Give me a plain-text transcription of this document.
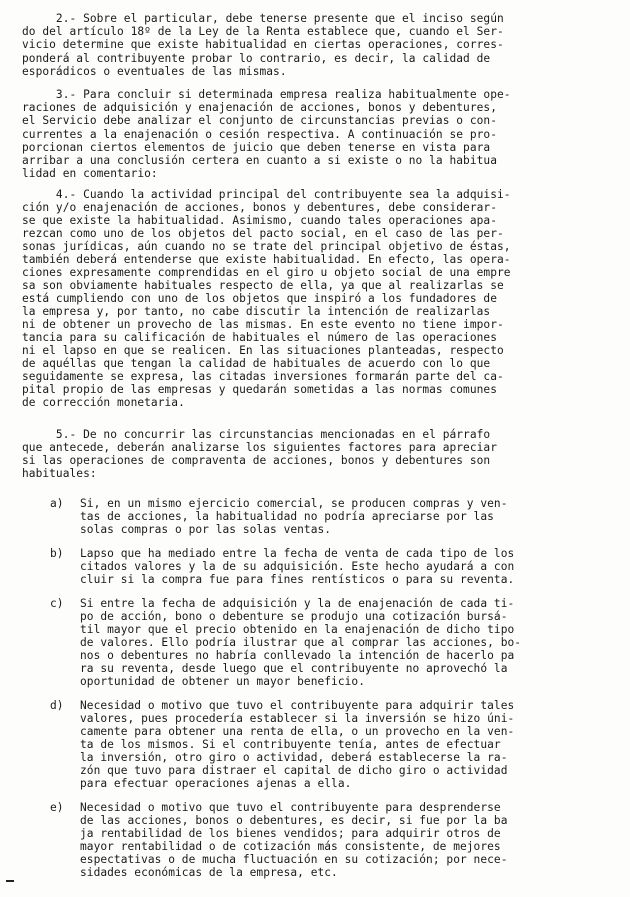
2.- Sobre el particular, debe tenerse presente que el inciso según
do del artículo 18º de la Ley de la Renta establece que, cuando el Ser-
vicio determine que existe habitualidad en ciertas operaciones, corres-
ponderá al contribuyente probar lo contrario, es decir, la calidad de
esporádicos o eventuales de las mismas.
3.- Para concluir si determinada empresa realiza habitualmente ope-
raciones de adquisición y enajenación de acciones, bonos y debentures,
el Servicio debe analizar el conjunto de circunstancias previas o con-
currentes a la enajenación o cesión respectiva. A continuación se pro-
porcionan ciertos elementos de juicio que deben tenerse en vista para
arribar a una conclusión certera en cuanto a si existe o no la habitua
lidad en comentario:
4.- Cuando la actividad principal del contribuyente sea la adquisi-
ción y/o enajenación de acciones, bonos y debentures, debe considerar-
se que existe la habitualidad. Asimismo, cuando tales operaciones apa-
rezcan como uno de los objetos del pacto social, en el caso de las per-
sonas jurídicas, aún cuando no se trate del principal objetivo de éstas,
también deberá entenderse que existe habitualidad. En efecto, las opera-
ciones expresamente comprendidas en el giro u objeto social de una empre
sa son obviamente habituales respecto de ella, ya que al realizarlas se
está cumpliendo con uno de los objetos que inspiró a los fundadores de
la empresa y, por tanto, no cabe discutir la intención de realizarlas
ni de obtener un provecho de las mismas. En este evento no tiene impor-
tancia para su calificación de habituales el número de las operaciones
ni el lapso en que se realicen. En las situaciones planteadas, respecto
de aquéllas que tengan la calidad de habituales de acuerdo con lo que
seguidamente se expresa, las citadas inversiones formarán parte del ca-
pital propio de las empresas y quedarán sometidas a las normas comunes
de corrección monetaria.
5.- De no concurrir las circunstancias mencionadas en el párrafo
que antecede, deberán analizarse los siguientes factores para apreciar
si las operaciones de compraventa de acciones, bonos y debentures son
habituales:
a) Si, en un mismo ejercicio comercial, se producen compras y ven-
tas de acciones, la habitualidad no podría apreciarse por las
solas compras o por las solas ventas.
b) Lapso que ha mediado entre la fecha de venta de cada tipo de los
citados valores y la de su adquisición. Este hecho ayudará a con
cluir si la compra fue para fines rentísticos o para su reventa.
c) Si entre la fecha de adquisición y la de enajenación de cada ti-
po de acción, bono o debenture se produjo una cotización bursá-
til mayor que el precio obtenido en la enajenación de dicho tipo
de valores. Ello podría ilustrar que al comprar las acciones, bo-
nos o debentures no habría conllevado la intención de hacerlo pa
ra su reventa, desde luego que el contribuyente no aprovechó la
oportunidad de obtener un mayor beneficio.
d) Necesidad o motivo que tuvo el contribuyente para adquirir tales
valores, pues procedería establecer si la inversión se hizo úni-
camente para obtener una renta de ella, o un provecho en la ven-
ta de los mismos. Si el contribuyente tenía, antes de efectuar
la inversión, otro giro o actividad, deberá establecerse la ra-
zón que tuvo para distraer el capital de dicho giro o actividad
para efectuar operaciones ajenas a ella.
e) Necesidad o motivo que tuvo el contribuyente para desprenderse
de las acciones, bonos o debentures, es decir, si fue por la ba
ja rentabilidad de los bienes vendidos; para adquirir otros de
mayor rentabilidad o de cotización más consistente, de mejores
espectativas o de mucha fluctuación en su cotización; por nece-
sidades económicas de la empresa, etc.
